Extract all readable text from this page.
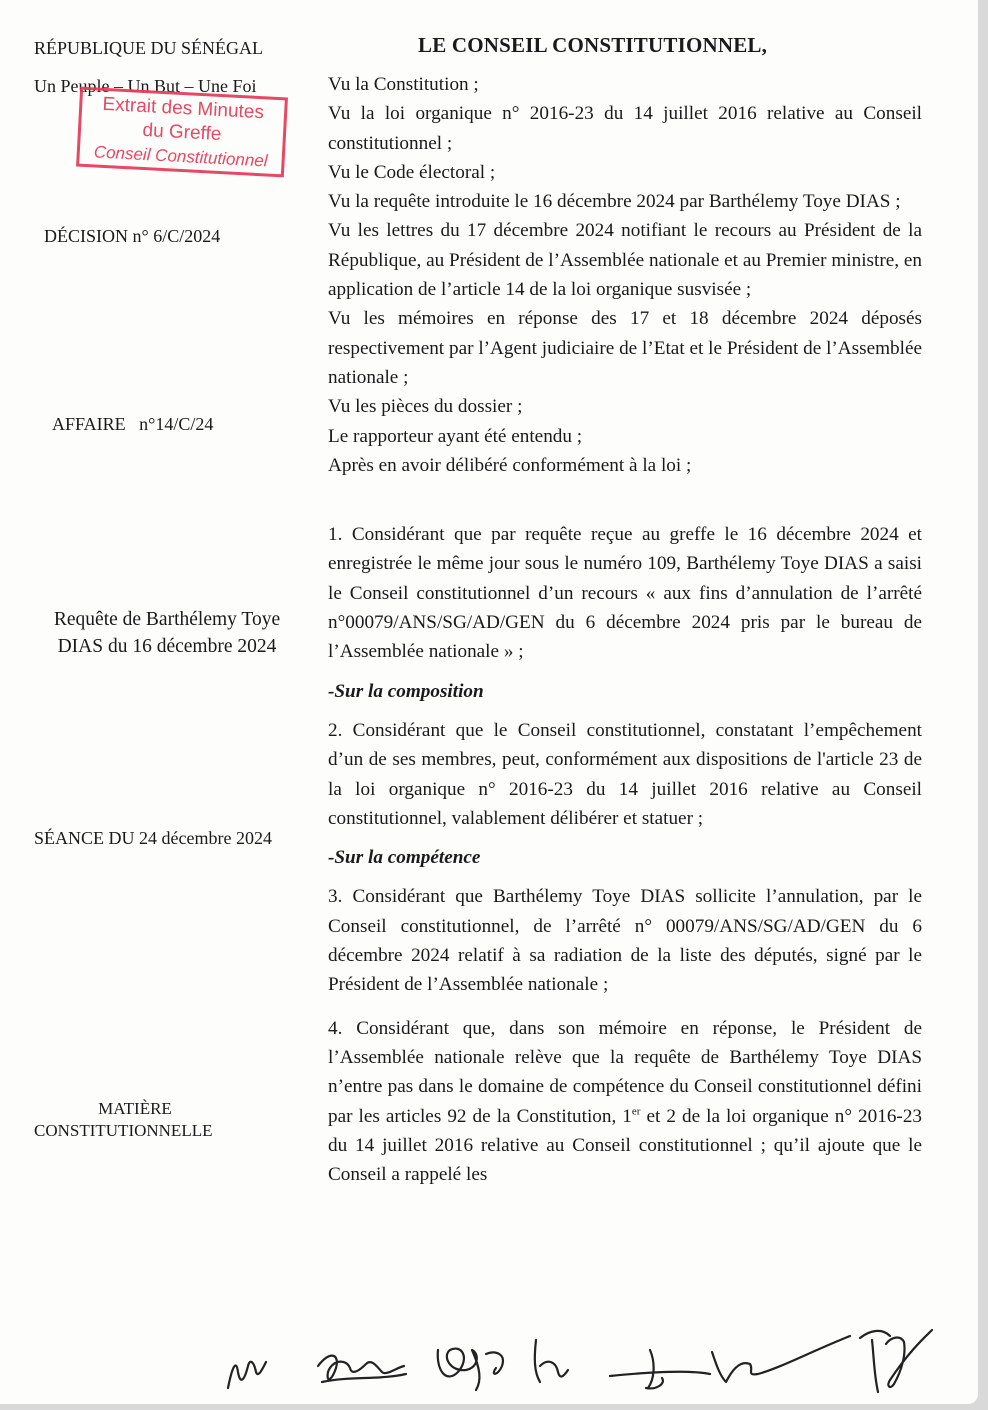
RÉPUBLIQUE DU SÉNÉGAL
Un Peuple – Un But – Une Foi
Extrait des Minutes
du Greffe
Conseil Constitutionnel
DÉCISION n° 6/C/2024
AFFAIRE   n°14/C/24
Requête de Barthélemy Toye
DIAS du 16 décembre 2024
SÉANCE DU 24 décembre 2024
MATIÈRE
CONSTITUTIONNELLE
LE CONSEIL CONSTITUTIONNEL,

Vu la Constitution ;

Vu la loi organique n° 2016-23 du 14 juillet 2016 relative au Conseil constitutionnel ;

Vu le Code électoral ;

Vu la requête introduite le 16 décembre 2024 par Barthélemy Toye DIAS ;

Vu les lettres du 17 décembre 2024 notifiant le recours au Président de la République, au Président de l’Assemblée nationale et au Premier ministre, en application de l’article 14 de la loi organique susvisée ;

Vu les mémoires en réponse des 17 et 18 décembre 2024 déposés respectivement par l’Agent judiciaire de l’Etat et le Président de l’Assemblée nationale ;

Vu les pièces du dossier ;

Le rapporteur ayant été entendu ;

Après en avoir délibéré conformément à la loi ;

1. Considérant que par requête reçue au greffe le 16 décembre 2024 et enregistrée le même jour sous le numéro 109, Barthélemy Toye DIAS a saisi le Conseil constitutionnel d’un recours « aux fins d’annulation de l’arrêté n°00079/ANS/SG/AD/GEN du 6 décembre 2024 pris par le bureau de l’Assemblée nationale » ;

-Sur la composition

2. Considérant que le Conseil constitutionnel, constatant l’empêchement d’un de ses membres, peut, conformément aux dispositions de l'article 23 de la loi organique n° 2016-23 du 14 juillet 2016 relative au Conseil constitutionnel, valablement délibérer et statuer ;

-Sur la compétence

3. Considérant que Barthélemy Toye DIAS sollicite l’annulation, par le Conseil constitutionnel, de l’arrêté n° 00079/ANS/SG/AD/GEN du 6 décembre 2024 relatif à sa radiation de la liste des députés, signé par le Président de l’Assemblée nationale ;

4. Considérant que, dans son mémoire en réponse, le Président de l’Assemblée nationale relève que la requête de Barthélemy Toye DIAS n’entre pas dans le domaine de compétence du Conseil constitutionnel défini par les articles 92 de la Constitution, 1er et 2 de la loi organique n° 2016-23 du 14 juillet 2016 relative au Conseil constitutionnel ; qu’il ajoute que le Conseil a rappelé les
